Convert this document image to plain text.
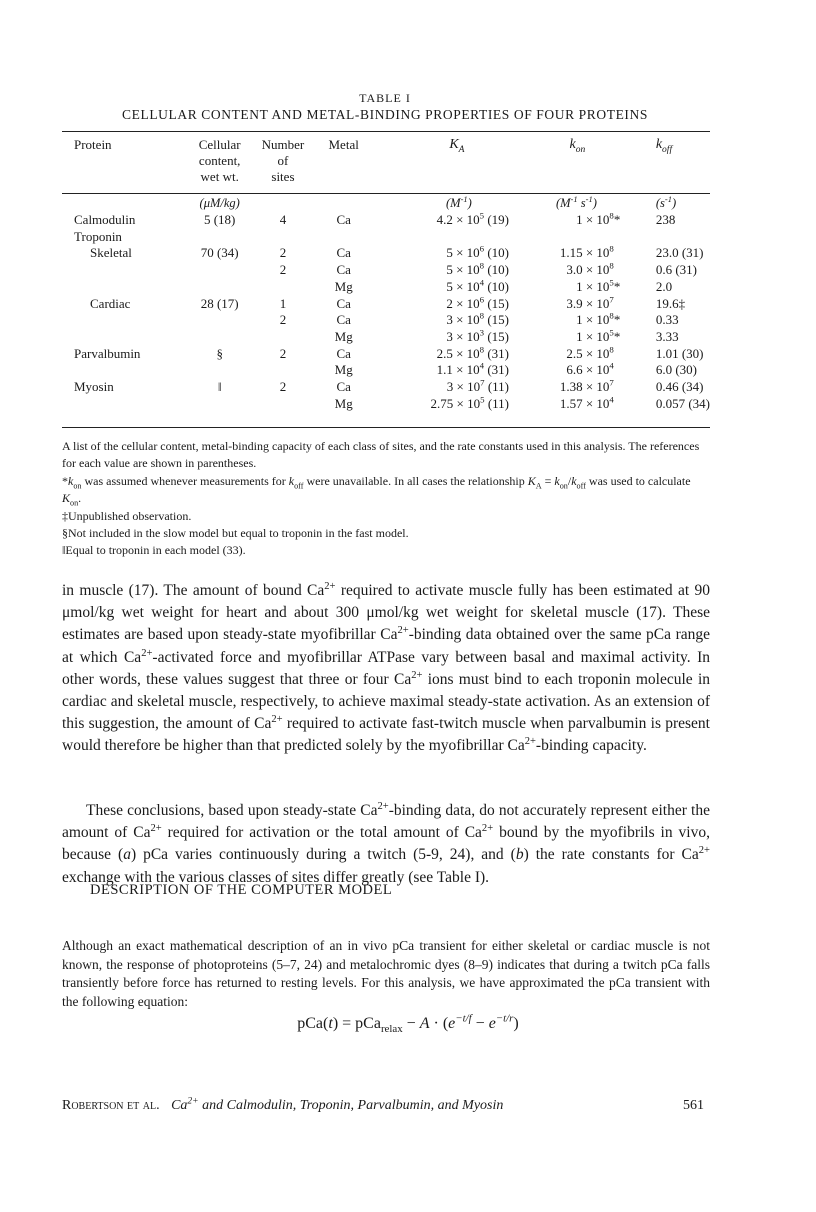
TABLE I
CELLULAR CONTENT AND METAL-BINDING PROPERTIES OF FOUR PROTEINS
Protein	Cellular
content,
wet wt.	Number
of
sites	Metal	$K_A$	$k_{on}$	$k_{off}$

	(μM/kg)			$(M^{-1})$	($M^{-1}$ $s^{-1}$)	$(s^{-1})$
Calmodulin	5 (18)	4	Ca	$4.2 \times 10^5$ (19)	$1 \times 10^8*$	238
Troponin						
Skeletal	70 (34)	2	Ca	$5 \times 10^6$ (10)	$1.15 \times 10^8$	23.0 (31)
		2	Ca	$5 \times 10^8$ (10)	$3.0 \times 10^8$	0.6 (31)
			Mg	$5 \times 10^4$ (10)	$1 \times 10^5*$	2.0
Cardiac	28 (17)	1	Ca	$2 \times 10^6$ (15)	$3.9 \times 10^7$	19.6‡
		2	Ca	$3 \times 10^8$ (15)	$1 \times 10^8*$	0.33
			Mg	$3 \times 10^3$ (15)	$1 \times 10^5*$	3.33
Parvalbumin	§	2	Ca	$2.5 \times 10^8$ (31)	$2.5 \times 10^8$	1.01 (30)
			Mg	$1.1 \times 10^4$ (31)	$6.6 \times 10^4$	6.0 (30)
Myosin	‖	2	Ca	$3 \times 10^7$ (11)	$1.38 \times 10^7$	0.46 (34)
			Mg	$2.75 \times 10^5$ (11)	$1.57 \times 10^4$	0.057 (34)

A list of the cellular content, metal-binding capacity of each class of sites, and the rate constants used in this analysis. The references for each value are shown in parentheses.

$*k_{on}$ was assumed whenever measurements for $k_{off}$ were unavailable. In all cases the relationship $K_A = k_{on}/k_{off}$ was used to calculate $K_{on}$.

‡Unpublished observation.

§Not included in the slow model but equal to troponin in the fast model.

‖Equal to troponin in each model (33).

in muscle (17). The amount of bound $Ca^{2+}$ required to activate muscle fully has been estimated at 90 μmol/kg wet weight for heart and about 300 μmol/kg wet weight for skeletal muscle (17). These estimates are based upon steady-state myofibrillar $Ca^{2+}$-binding data obtained over the same pCa range at which $Ca^{2+}$-activated force and myofibrillar ATPase vary between basal and maximal activity. In other words, these values suggest that three or four $Ca^{2+}$ ions must bind to each troponin molecule in cardiac and skeletal muscle, respectively, to achieve maximal steady-state activation. As an extension of this suggestion, the amount of $Ca^{2+}$ required to activate fast-twitch muscle when parvalbumin is present would therefore be higher than that predicted solely by the myofibrillar $Ca^{2+}$-binding capacity.

These conclusions, based upon steady-state $Ca^{2+}$-binding data, do not accurately represent either the amount of $Ca^{2+}$ required for activation or the total amount of $Ca^{2+}$ bound by the myofibrils in vivo, because (a) pCa varies continuously during a twitch (5-9, 24), and (b) the rate constants for $Ca^{2+}$ exchange with the various classes of sites differ greatly (see Table I).

DESCRIPTION OF THE COMPUTER MODEL
Although an exact mathematical description of an in vivo pCa transient for either skeletal or cardiac muscle is not known, the response of photoproteins (5–7, 24) and metalochromic dyes (8–9) indicates that during a twitch pCa falls transiently before force has returned to resting levels. For this analysis, we have approximated the pCa transient with the following equation:
$pCa(t) = pCa_{relax} - A \cdot (e^{-t/f} - e^{-t/r})$
Robertson et al. $Ca^{2+}$ and Calmodulin, Troponin, Parvalbumin, and Myosin	561
